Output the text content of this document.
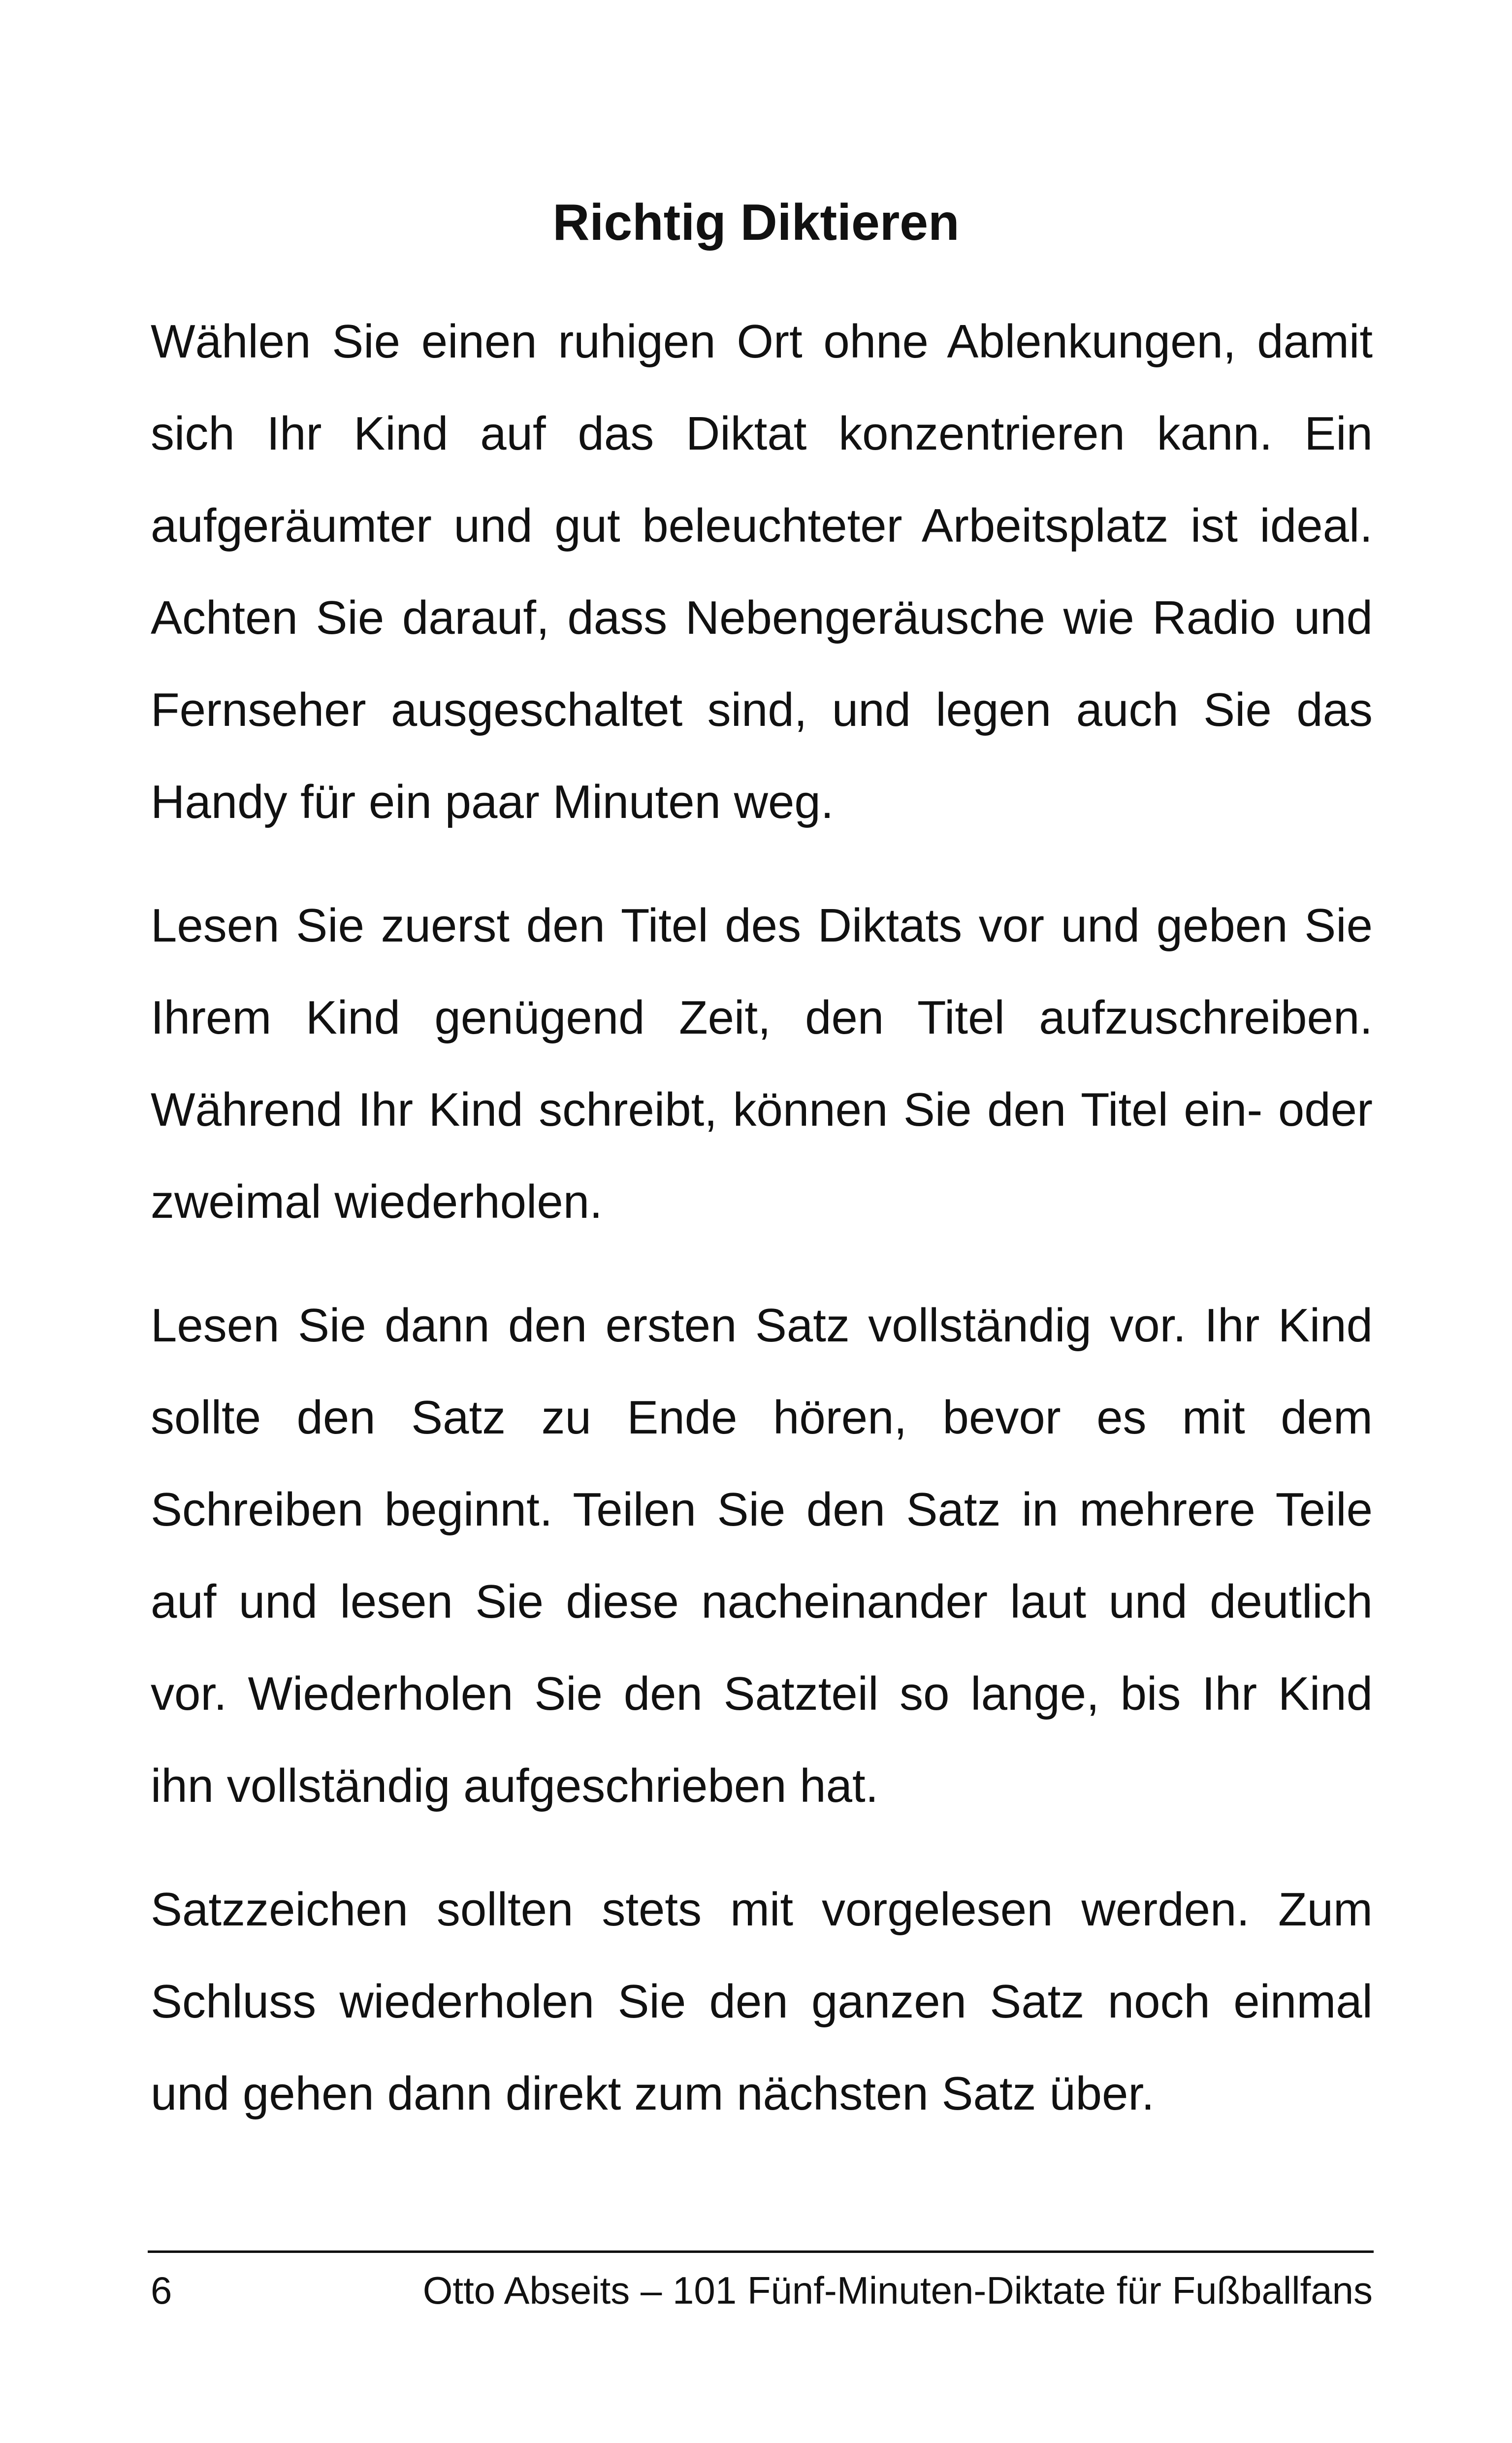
Richtig Diktieren

Wählen Sie einen ruhigen Ort ohne Ablenkungen, damit sich Ihr Kind auf das Diktat konzentrieren kann. Ein aufgeräumter und gut beleuchteter Arbeitsplatz ist ideal. Achten Sie darauf, dass Nebengeräusche wie Radio und Fernseher ausgeschaltet sind, und legen auch Sie das Handy für ein paar Minuten weg.

Lesen Sie zuerst den Titel des Diktats vor und geben Sie Ihrem Kind genügend Zeit, den Titel aufzuschreiben. Während Ihr Kind schreibt, können Sie den Titel ein- oder zweimal wiederholen.

Lesen Sie dann den ersten Satz vollständig vor. Ihr Kind sollte den Satz zu Ende hören, bevor es mit dem Schreiben beginnt. Teilen Sie den Satz in mehrere Teile auf und lesen Sie diese nacheinander laut und deutlich vor. Wiederholen Sie den Satzteil so lange, bis Ihr Kind ihn vollständig aufgeschrieben hat.

Satzzeichen sollten stets mit vorgelesen werden. Zum Schluss wiederholen Sie den ganzen Satz noch einmal und gehen dann direkt zum nächsten Satz über.

6	Otto Abseits – 101 Fünf-Minuten-Diktate für Fußballfans
